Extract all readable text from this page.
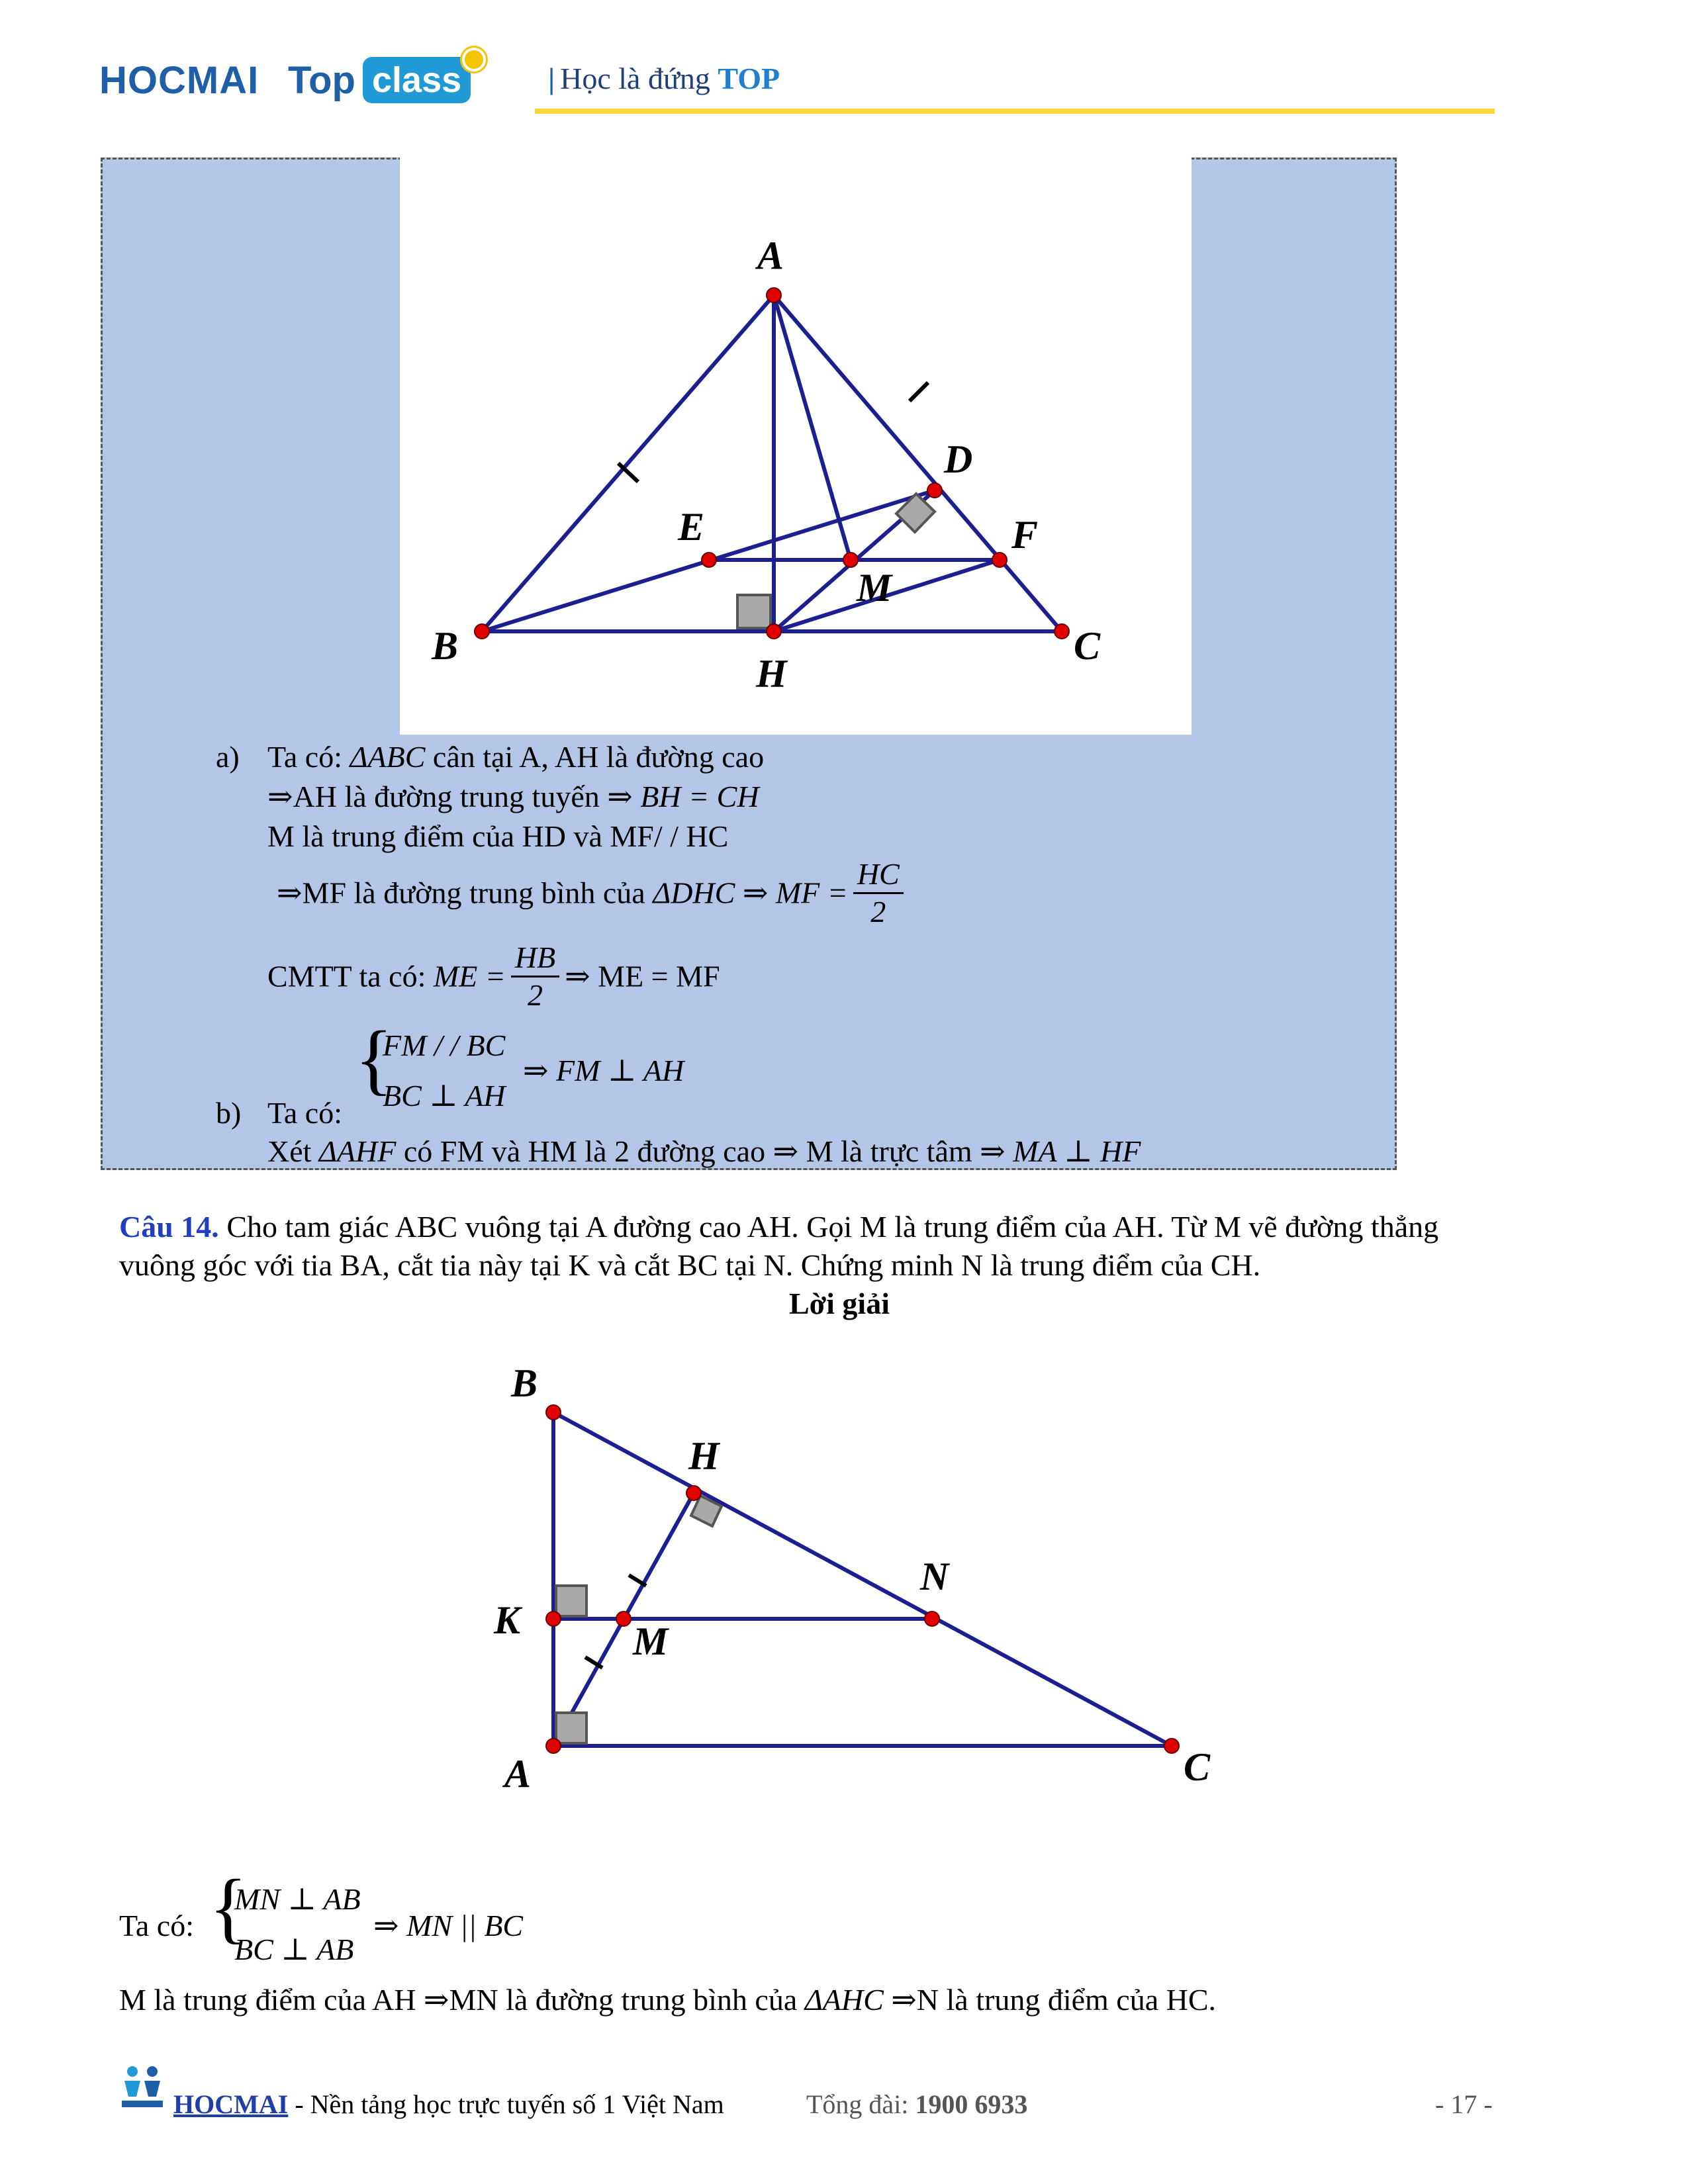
HOCMAI Top class	| Học là đứng TOP
A
B	C
D
E	F
M
H
a) Ta có: ΔABC cân tại A, AH là đường cao
⇒AH là đường trung tuyến ⇒ BH = CH
M là trung điểm của HD và MF/ / HC
⇒MF là đường trung bình của ΔDHC ⇒ MF = $\frac{HC}{2}$
CMTT ta có: ME = $\frac{HB}{2}$ ⇒ ME = MF
{
FM / / BC
BC ⊥ AH
⇒ FM ⊥ AH
b) Ta có:
Xét ΔAHF có FM và HM là 2 đường cao ⇒ M là trực tâm ⇒ MA ⊥ HF
Câu 14. Cho tam giác ABC vuông tại A đường cao AH. Gọi M là trung điểm của AH. Từ M vẽ đường thẳng
vuông góc với tia BA, cắt tia này tại K và cắt BC tại N. Chứng minh N là trung điểm của CH.
Lời giải
B
H
N
K	M
A	C
Ta có: {
MN ⊥ AB
BC ⊥ AB
⇒ MN || BC
M là trung điểm của AH ⇒MN là đường trung bình của ΔAHC ⇒N là trung điểm của HC.
HOCMAI - Nền tảng học trực tuyến số 1 Việt Nam	Tổng đài: 1900 6933	- 17 -
